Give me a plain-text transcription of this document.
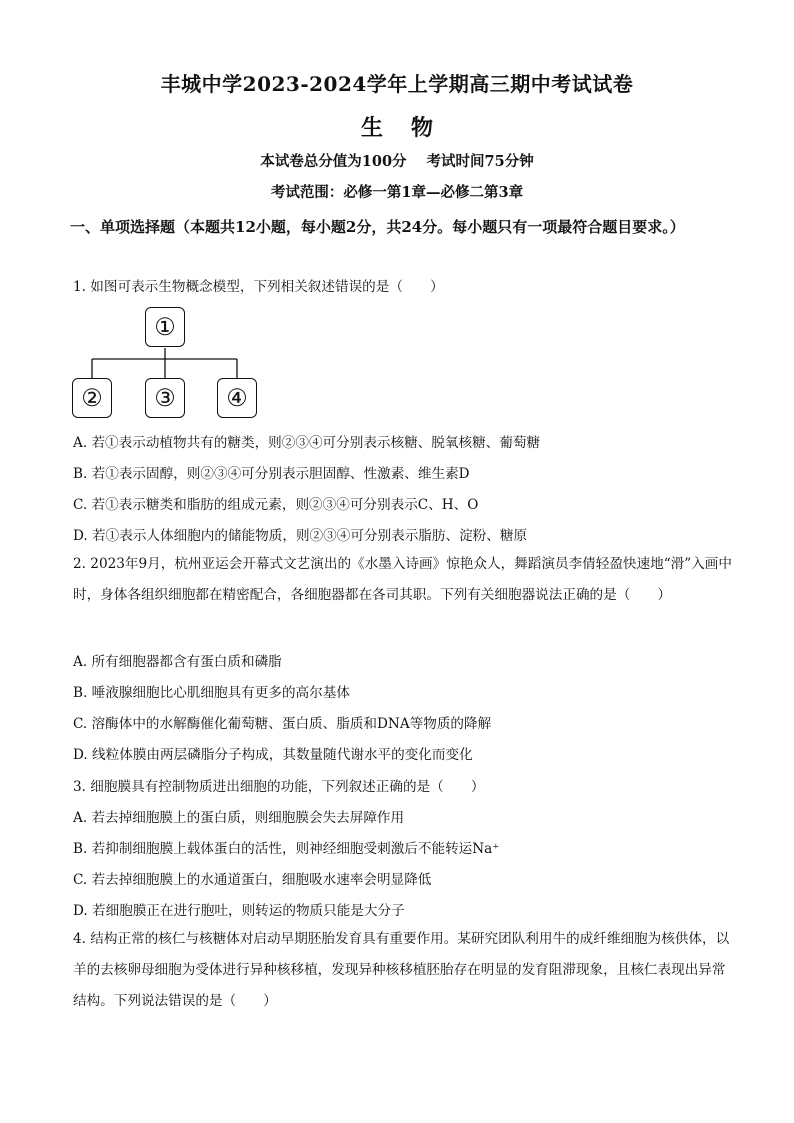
丰城中学2023-2024学年上学期高三期中考试试卷
生物
本试卷总分值为100分 考试时间75分钟
考试范围：必修一第1章—必修二第3章
一、单项选择题（本题共12小题，每小题2分，共24分。每小题只有一项最符合题目要求。）
1. 如图可表示生物概念模型，下列相关叙述错误的是（　　）
①
②	③	④
A. 若①表示动植物共有的糖类，则②③④可分别表示核糖、脱氧核糖、葡萄糖
B. 若①表示固醇，则②③④可分别表示胆固醇、性激素、维生素D
C. 若①表示糖类和脂肪的组成元素，则②③④可分别表示C、H、O
D. 若①表示人体细胞内的储能物质，则②③④可分别表示脂肪、淀粉、糖原
2. 2023年9月，杭州亚运会开幕式文艺演出的《水墨入诗画》惊艳众人，舞蹈演员李倩轻盈快速地“滑”入画中时，身体各组织细胞都在精密配合，各细胞器都在各司其职。下列有关细胞器说法正确的是（　　）
A. 所有细胞器都含有蛋白质和磷脂
B. 唾液腺细胞比心肌细胞具有更多的高尔基体
C. 溶酶体中的水解酶催化葡萄糖、蛋白质、脂质和DNA等物质的降解
D. 线粒体膜由两层磷脂分子构成，其数量随代谢水平的变化而变化
3. 细胞膜具有控制物质进出细胞的功能，下列叙述正确的是（　　）
A. 若去掉细胞膜上的蛋白质，则细胞膜会失去屏障作用
B. 若抑制细胞膜上载体蛋白的活性，则神经细胞受刺激后不能转运Na⁺
C. 若去掉细胞膜上的水通道蛋白，细胞吸水速率会明显降低
D. 若细胞膜正在进行胞吐，则转运的物质只能是大分子
4. 结构正常的核仁与核糖体对启动早期胚胎发育具有重要作用。某研究团队利用牛的成纤维细胞为核供体，以羊的去核卵母细胞为受体进行异种核移植，发现异种核移植胚胎存在明显的发育阻滞现象，且核仁表现出异常结构。下列说法错误的是（　　）
